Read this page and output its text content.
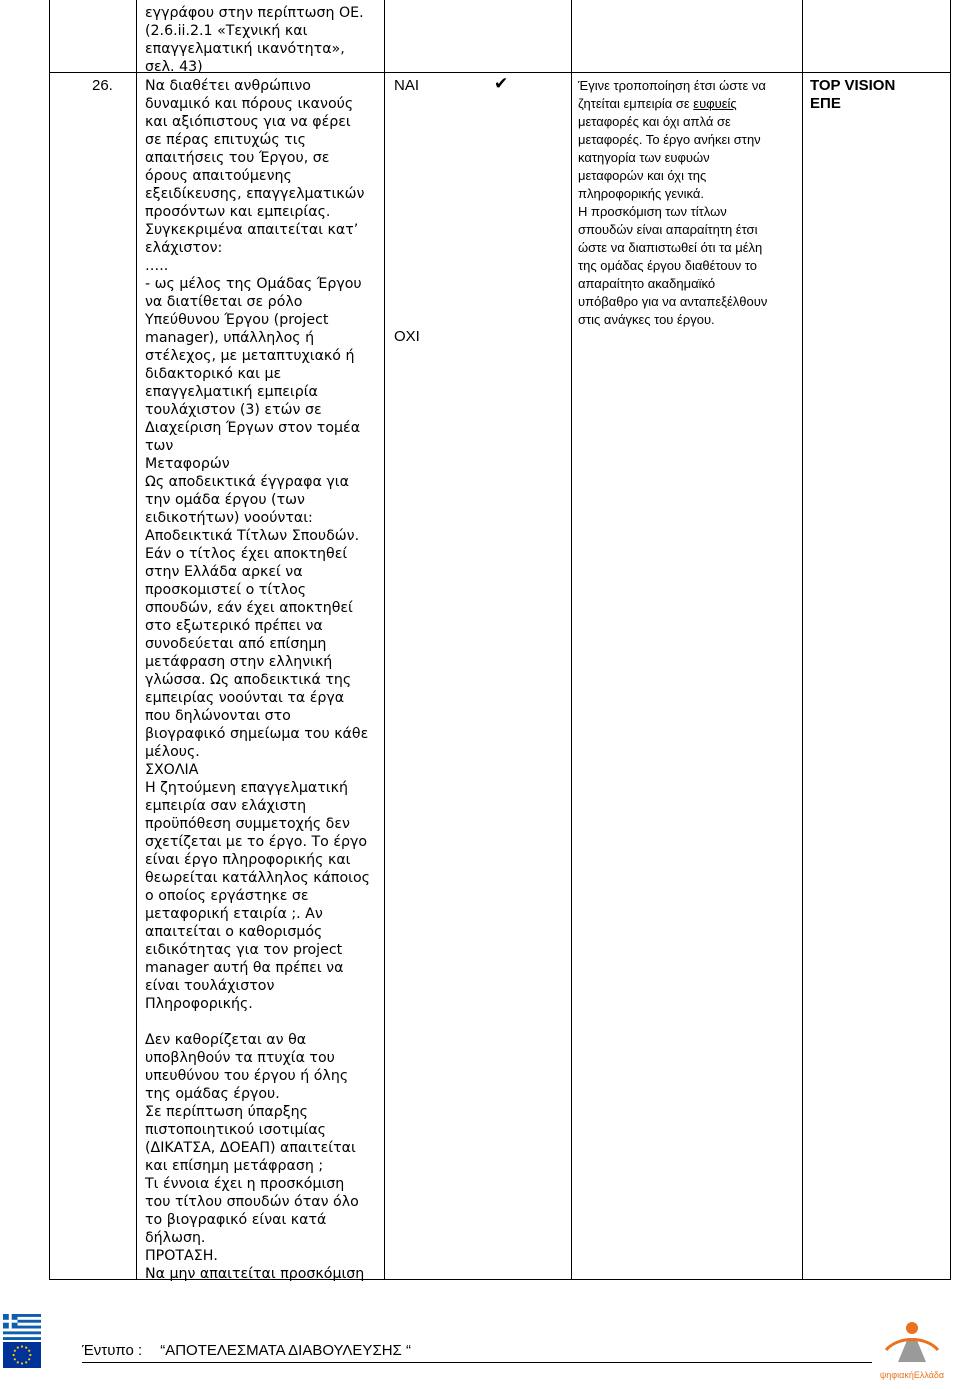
εγγράφου στην περίπτωση ΟΕ.
(2.6.ii.2.1 «Τεχνική και
επαγγελματική ικανότητα»,
σελ. 43)

26. Να διαθέτει ανθρώπινο
δυναμικό και πόρους ικανούς
και αξιόπιστους για να φέρει
σε πέρας επιτυχώς τις
απαιτήσεις του Έργου, σε
όρους απαιτούμενης
εξειδίκευσης, επαγγελματικών
προσόντων και εμπειρίας.
Συγκεκριμένα απαιτείται κατ’
ελάχιστον:
…..
- ως μέλος της Ομάδας Έργου
να διατίθεται σε ρόλο
Υπεύθυνου Έργου (project
manager), υπάλληλος ή
στέλεχος, με μεταπτυχιακό ή
διδακτορικό και με
επαγγελματική εμπειρία
τουλάχιστον (3) ετών σε
Διαχείριση Έργων στον τομέα
των
Μεταφορών
Ως αποδεικτικά έγγραφα για
την ομάδα έργου (των
ειδικοτήτων) νοούνται:
Αποδεικτικά Τίτλων Σπουδών.
Εάν ο τίτλος έχει αποκτηθεί
στην Ελλάδα αρκεί να
προσκομιστεί ο τίτλος
σπουδών, εάν έχει αποκτηθεί
στο εξωτερικό πρέπει να
συνοδεύεται από επίσημη
μετάφραση στην ελληνική
γλώσσα. Ως αποδεικτικά της
εμπειρίας νοούνται τα έργα
που δηλώνονται στο
βιογραφικό σημείωμα του κάθε
μέλους.
ΣΧΟΛΙΑ
Η ζητούμενη επαγγελματική
εμπειρία σαν ελάχιστη
προϋπόθεση συμμετοχής δεν
σχετίζεται με το έργο. Το έργο
είναι έργο πληροφορικής και
θεωρείται κατάλληλος κάποιος
ο οποίος εργάστηκε σε
μεταφορική εταιρία ;. Αν
απαιτείται ο καθορισμός
ειδικότητας για τον project
manager αυτή θα πρέπει να
είναι τουλάχιστον
Πληροφορικής.

Δεν καθορίζεται αν θα
υποβληθούν τα πτυχία του
υπευθύνου του έργου ή όλης
της ομάδας έργου.
Σε περίπτωση ύπαρξης
πιστοποιητικού ισοτιμίας
(ΔΙΚΑΤΣΑ, ΔΟΕΑΠ) απαιτείται
και επίσημη μετάφραση ;
Τι έννοια έχει η προσκόμιση
του τίτλου σπουδών όταν όλο
το βιογραφικό είναι κατά
δήλωση.
ΠΡΟΤΑΣΗ.
Να μην απαιτείται προσκόμιση

ΝΑΙ	✔
ΟΧΙ

Έγινε τροποποίηση έτσι ώστε να

ζητείται εμπειρία σε ευφυείς

μεταφορές και όχι απλά σε
μεταφορές. Το έργο ανήκει στην
κατηγορία των ευφυών
μεταφορών και όχι της
πληροφορικής γενικά.
Η προσκόμιση των τίτλων
σπουδών είναι απαραίτητη έτσι
ώστε να διαπιστωθεί ότι τα μέλη
της ομάδας έργου διαθέτουν το
απαραίτητο ακαδημαϊκό
υπόβαθρο για να ανταπεξέλθουν
στις ανάγκες του έργου.

TOP VISION
ΕΠΕ
Έντυπο : “ΑΠΟΤΕΛΕΣΜΑΤΑ ΔΙΑΒΟΥΛΕΥΣΗΣ “
ψηφιακήΕλλάδα
